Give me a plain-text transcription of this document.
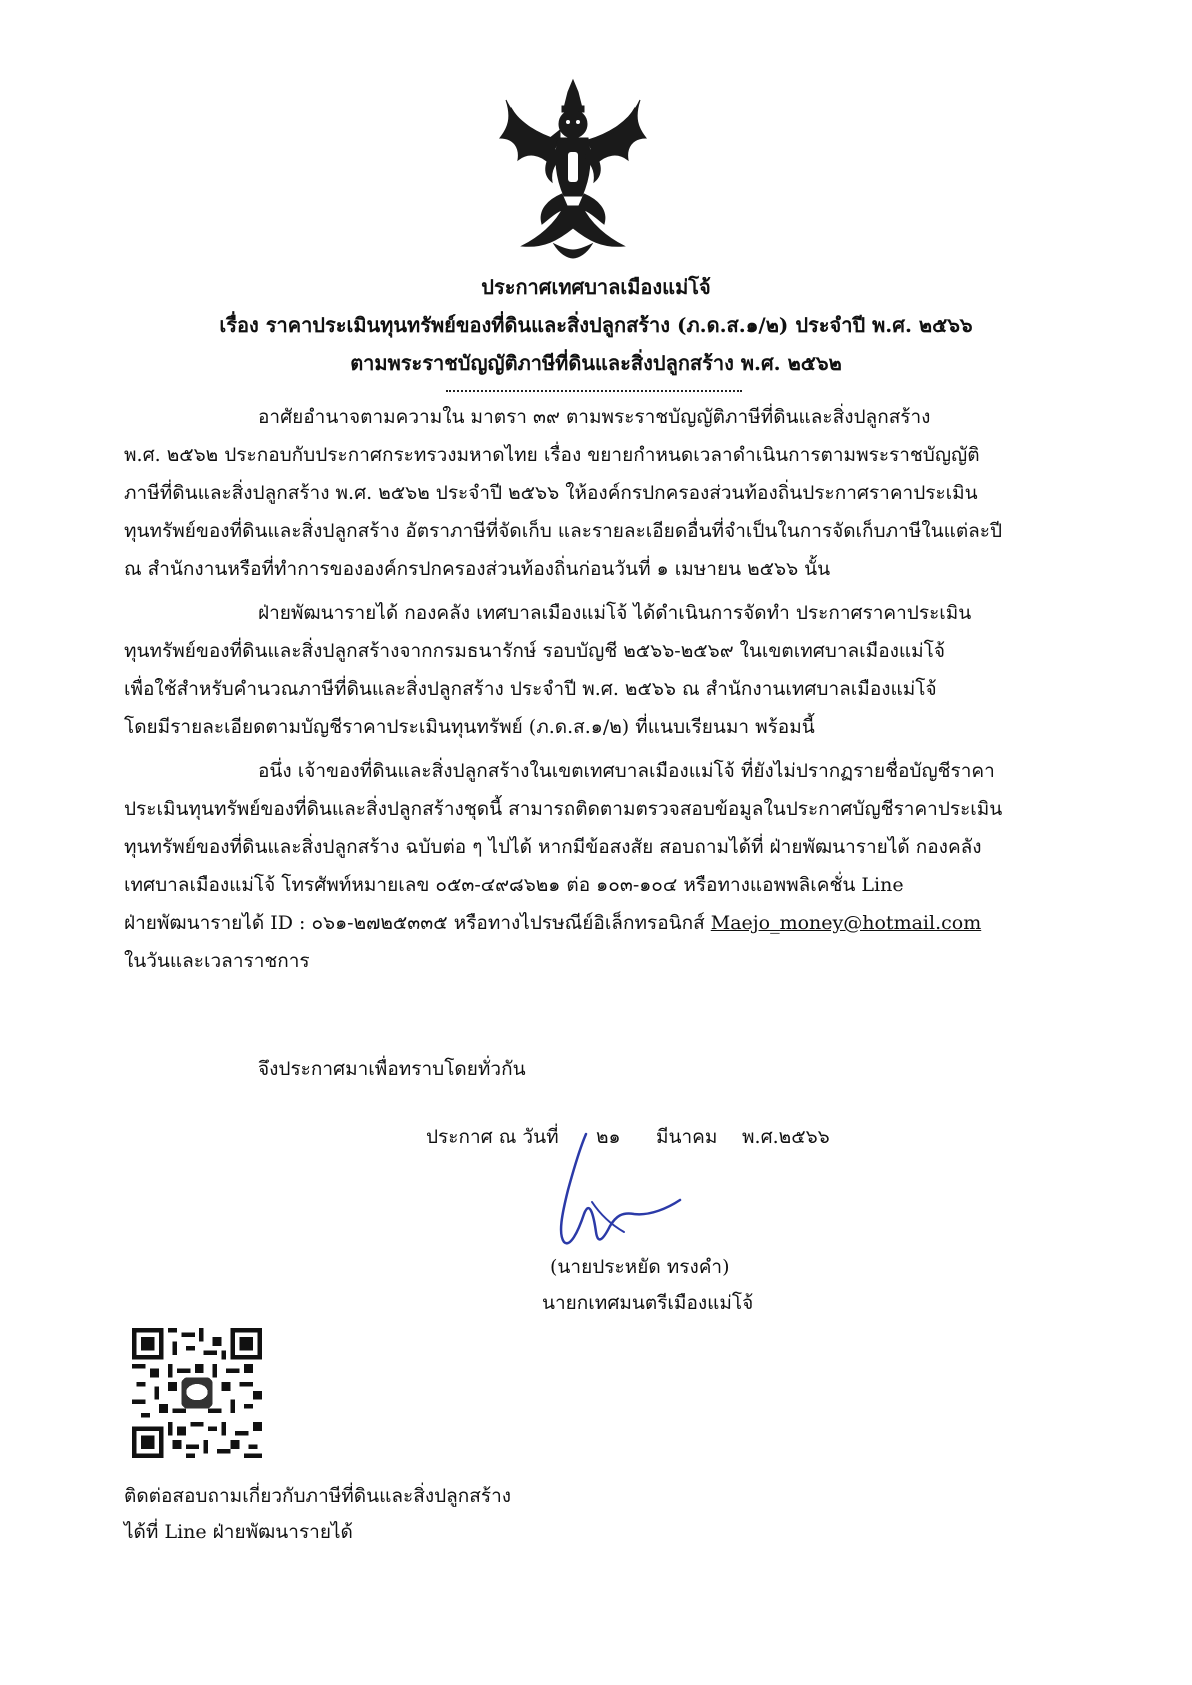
ประกาศเทศบาลเมืองแม่โจ้
เรื่อง ราคาประเมินทุนทรัพย์ของที่ดินและสิ่งปลูกสร้าง (ภ.ด.ส.๑/๒) ประจำปี พ.ศ. ๒๕๖๖
ตามพระราชบัญญัติภาษีที่ดินและสิ่งปลูกสร้าง พ.ศ. ๒๕๖๒
อาศัยอำนาจตามความใน มาตรา ๓๙ ตามพระราชบัญญัติภาษีที่ดินและสิ่งปลูกสร้าง
พ.ศ. ๒๕๖๒ ประกอบกับประกาศกระทรวงมหาดไทย เรื่อง ขยายกำหนดเวลาดำเนินการตามพระราชบัญญัติ
ภาษีที่ดินและสิ่งปลูกสร้าง พ.ศ. ๒๕๖๒ ประจำปี ๒๕๖๖ ให้องค์กรปกครองส่วนท้องถิ่นประกาศราคาประเมิน
ทุนทรัพย์ของที่ดินและสิ่งปลูกสร้าง อัตราภาษีที่จัดเก็บ และรายละเอียดอื่นที่จำเป็นในการจัดเก็บภาษีในแต่ละปี
ณ สำนักงานหรือที่ทำการขององค์กรปกครองส่วนท้องถิ่นก่อนวันที่ ๑ เมษายน ๒๕๖๖ นั้น
ฝ่ายพัฒนารายได้ กองคลัง เทศบาลเมืองแม่โจ้ ได้ดำเนินการจัดทำ ประกาศราคาประเมิน
ทุนทรัพย์ของที่ดินและสิ่งปลูกสร้างจากกรมธนารักษ์ รอบบัญชี ๒๕๖๖-๒๕๖๙ ในเขตเทศบาลเมืองแม่โจ้
เพื่อใช้สำหรับคำนวณภาษีที่ดินและสิ่งปลูกสร้าง ประจำปี พ.ศ. ๒๕๖๖ ณ สำนักงานเทศบาลเมืองแม่โจ้
โดยมีรายละเอียดตามบัญชีราคาประเมินทุนทรัพย์ (ภ.ด.ส.๑/๒) ที่แนบเรียนมา พร้อมนี้
อนึ่ง เจ้าของที่ดินและสิ่งปลูกสร้างในเขตเทศบาลเมืองแม่โจ้ ที่ยังไม่ปรากฏรายชื่อบัญชีราคา
ประเมินทุนทรัพย์ของที่ดินและสิ่งปลูกสร้างชุดนี้ สามารถติดตามตรวจสอบข้อมูลในประกาศบัญชีราคาประเมิน
ทุนทรัพย์ของที่ดินและสิ่งปลูกสร้าง ฉบับต่อ ๆ ไปได้ หากมีข้อสงสัย สอบถามได้ที่ ฝ่ายพัฒนารายได้ กองคลัง
เทศบาลเมืองแม่โจ้ โทรศัพท์หมายเลข ๐๕๓-๔๙๘๖๒๑ ต่อ ๑๐๓-๑๐๔ หรือทางแอพพลิเคชั่น Line
ฝ่ายพัฒนารายได้ ID : ๐๖๑-๒๗๒๕๓๓๕ หรือทางไปรษณีย์อิเล็กทรอนิกส์ Maejo_money@hotmail.com
ในวันและเวลาราชการ
จึงประกาศมาเพื่อทราบโดยทั่วกัน
ประกาศ ณ วันที่ ๒๑ มีนาคม พ.ศ.๒๕๖๖
(นายประหยัด ทรงคำ)
นายกเทศมนตรีเมืองแม่โจ้
ติดต่อสอบถามเกี่ยวกับภาษีที่ดินและสิ่งปลูกสร้าง
ได้ที่ Line ฝ่ายพัฒนารายได้
